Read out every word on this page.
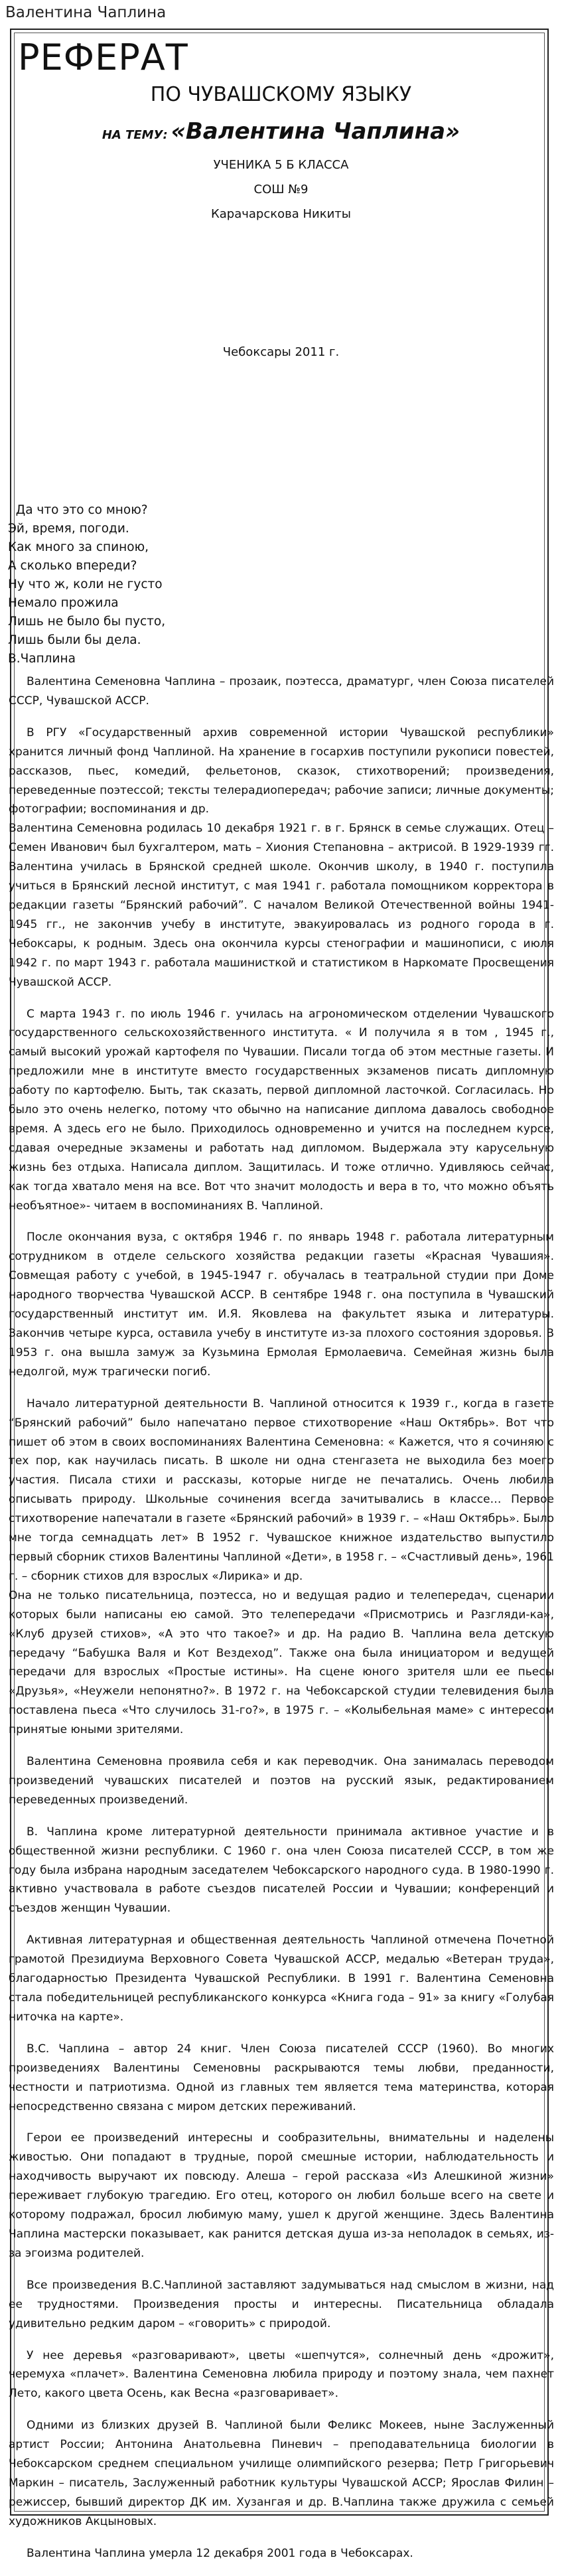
Валентина Чаплина
РЕФЕРАТ
ПО ЧУВАШСКОМУ ЯЗЫКУ
НА ТЕМУ: «Валентина Чаплина»
УЧЕНИКА 5 Б КЛАССА
СОШ №9
Карачарскова Никиты
Чебоксары 2011 г.
Да что это со мною?
Эй, время, погоди.
Как много за спиною,
А сколько впереди?
Ну что ж, коли не густо
Немало прожила
Лишь не было бы пусто,
Лишь были бы дела.
В.Чаплина

Валентина Семеновна Чаплина – прозаик, поэтесса, драматург, член Союза писателей СССР, Чувашской АССР.

В РГУ «Государственный архив современной истории Чувашской республики» хранится личный фонд Чаплиной. На хранение в госархив поступили рукописи повестей, рассказов, пьес, комедий, фельетонов, сказок, стихотворений; произведения, переведенные поэтессой; тексты телерадиопередач; рабочие записи; личные документы; фотографии; воспоминания и др.
Валентина Семеновна родилась 10 декабря 1921 г. в г. Брянск в семье служащих. Отец – Семен Иванович был бухгалтером, мать – Хиония Степановна – актрисой. В 1929-1939 гг. Валентина училась в Брянской средней школе. Окончив школу, в 1940 г. поступила учиться в Брянский лесной институт, с мая 1941 г. работала помощником корректора в редакции газеты “Брянский рабочий”. С началом Великой Отечественной войны 1941-1945 гг., не закончив учебу в институте, эвакуировалась из родного города в г. Чебоксары, к родным. Здесь она окончила курсы стенографии и машинописи, с июля 1942 г. по март 1943 г. работала машинисткой и статистиком в Наркомате Просвещения Чувашской АССР.

С марта 1943 г. по июль 1946 г. училась на агрономическом отделении Чувашского государственного сельскохозяйственного института. « И получила я в том , 1945 г., самый высокий урожай картофеля по Чувашии. Писали тогда об этом местные газеты. И предложили мне в институте вместо государственных экзаменов писать дипломную работу по картофелю. Быть, так сказать, первой дипломной ласточкой. Согласилась. Но было это очень нелегко, потому что обычно на написание диплома давалось свободное время. А здесь его не было. Приходилось одновременно и учится на последнем курсе, сдавая очередные экзамены и работать над дипломом. Выдержала эту карусельную жизнь без отдыха. Написала диплом. Защитилась. И тоже отлично. Удивляюсь сейчас, как тогда хватало меня на все. Вот что значит молодость и вера в то, что можно объять необъятное»- читаем в воспоминаниях В. Чаплиной.

После окончания вуза, с октября 1946 г. по январь 1948 г. работала литературным сотрудником в отделе сельского хозяйства редакции газеты «Красная Чувашия». Совмещая работу с учебой, в 1945-1947 г. обучалась в театральной студии при Доме народного творчества Чувашской АССР. В сентябре 1948 г. она поступила в Чувашский государственный институт им. И.Я. Яковлева на факультет языка и литературы. Закончив четыре курса, оставила учебу в институте из-за плохого состояния здоровья. В 1953 г. она вышла замуж за Кузьмина Ермолая Ермолаевича. Семейная жизнь была недолгой, муж трагически погиб.

Начало литературной деятельности В. Чаплиной относится к 1939 г., когда в газете “Брянский рабочий” было напечатано первое стихотворение «Наш Октябрь». Вот что пишет об этом в своих воспоминаниях Валентина Семеновна: « Кажется, что я сочиняю с тех пор, как научилась писать. В школе ни одна стенгазета не выходила без моего участия. Писала стихи и рассказы, которые нигде не печатались. Очень любила описывать природу. Школьные сочинения всегда зачитывались в классе… Первое стихотворение напечатали в газете «Брянский рабочий» в 1939 г. – «Наш Октябрь». Было мне тогда семнадцать лет» В 1952 г. Чувашское книжное издательство выпустило первый сборник стихов Валентины Чаплиной «Дети», в 1958 г. – «Счастливый день», 1961 г. – сборник стихов для взрослых «Лирика» и др.
Она не только писательница, поэтесса, но и ведущая радио и телепередач, сценарии которых были написаны ею самой. Это телепередачи «Присмотрись и Разгляди-ка», «Клуб друзей стихов», «А это что такое?» и др. На радио В. Чаплина вела детскую передачу “Бабушка Валя и Кот Вездеход”. Также она была инициатором и ведущей передачи для взрослых «Простые истины». На сцене юного зрителя шли ее пьесы «Друзья», «Неужели непонятно?». В 1972 г. на Чебоксарской студии телевидения была поставлена пьеса «Что случилось 31-го?», в 1975 г. – «Колыбельная маме» с интересом принятые юными зрителями.

Валентина Семеновна проявила себя и как переводчик. Она занималась переводом произведений чувашских писателей и поэтов на русский язык, редактированием переведенных произведений.

В. Чаплина кроме литературной деятельности принимала активное участие и в общественной жизни республики. С 1960 г. она член Союза писателей СССР, в том же году была избрана народным заседателем Чебоксарского народного суда. В 1980-1990 г. активно участвовала в работе съездов писателей России и Чувашии; конференций и съездов женщин Чувашии.

Активная литературная и общественная деятельность Чаплиной отмечена Почетной грамотой Президиума Верховного Совета Чувашской АССР, медалью «Ветеран труда», благодарностью Президента Чувашской Республики. В 1991 г. Валентина Семеновна стала победительницей республиканского конкурса «Книга года – 91» за книгу «Голубая ниточка на карте».

В.С. Чаплина – автор 24 книг. Член Союза писателей СССР (1960). Во многих произведениях Валентины Семеновны раскрываются темы любви, преданности, честности и патриотизма. Одной из главных тем является тема материнства, которая непосредственно связана с миром детских переживаний.

Герои ее произведений интересны и сообразительны, внимательны и наделены живостью. Они попадают в трудные, порой смешные истории, наблюдательность и находчивость выручают их повсюду. Алеша – герой рассказа «Из Алешкиной жизни» переживает глубокую трагедию. Его отец, которого он любил больше всего на свете и которому подражал, бросил любимую маму, ушел к другой женщине. Здесь Валентина Чаплина мастерски показывает, как ранится детская душа из-за неполадок в семьях, из-за эгоизма родителей.

Все произведения В.С.Чаплиной заставляют задумываться над смыслом в жизни, над ее трудностями. Произведения просты и интересны. Писательница обладала удивительно редким даром – «говорить» с природой.

У нее деревья «разговаривают», цветы «шепчутся», солнечный день «дрожит», черемуха «плачет». Валентина Семеновна любила природу и поэтому знала, чем пахнет Лето, какого цвета Осень, как Весна «разговаривает».

Одними из близких друзей В. Чаплиной были Феликс Мокеев, ныне Заслуженный артист России; Антонина Анатольевна Пиневич – преподавательница биологии в Чебоксарском среднем специальном училище олимпийского резерва; Петр Григорьевич Маркин – писатель, Заслуженный работник культуры Чувашской АССР; Ярослав Филин – режиссер, бывший директор ДК им. Хузангая и др. В.Чаплина также дружила с семьей художников Акцыновых.

Валентина Чаплина умерла 12 декабря 2001 года в Чебоксарах.
